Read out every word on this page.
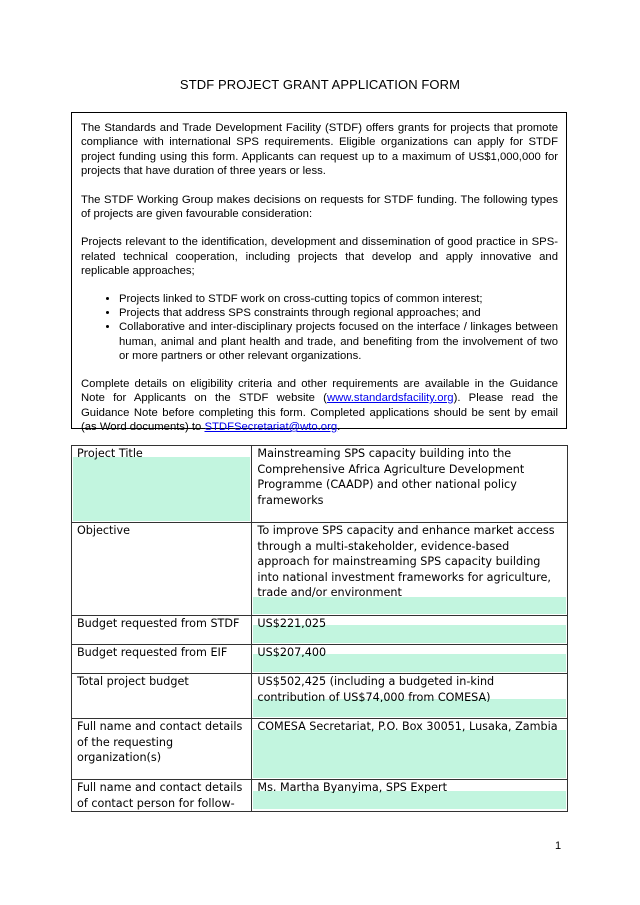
STDF PROJECT GRANT APPLICATION FORM

The Standards and Trade Development Facility (STDF) offers grants for projects that promote compliance with international SPS requirements. Eligible organizations can apply for STDF project funding using this form. Applicants can request up to a maximum of US$1,000,000 for projects that have duration of three years or less.

The STDF Working Group makes decisions on requests for STDF funding. The following types of projects are given favourable consideration:

Projects relevant to the identification, development and dissemination of good practice in SPS-related technical cooperation, including projects that develop and apply innovative and replicable approaches;

• Projects linked to STDF work on cross-cutting topics of common interest;
• Projects that address SPS constraints through regional approaches; and
• Collaborative and inter-disciplinary projects focused on the interface / linkages between human, animal and plant health and trade, and benefiting from the involvement of two or more partners or other relevant organizations.

Complete details on eligibility criteria and other requirements are available in the Guidance Note for Applicants on the STDF website (www.standardsfacility.org). Please read the Guidance Note before completing this form. Completed applications should be sent by email (as Word documents) to STDFSecretariat@wto.org.

Project Title	Mainstreaming SPS capacity building into the Comprehensive Africa Agriculture Development Programme (CAADP) and other national policy frameworks

Objective	To improve SPS capacity and enhance market access through a multi-stakeholder, evidence-based approach for mainstreaming SPS capacity building into national investment frameworks for agriculture, trade and/or environment

Budget requested from STDF	US$221,025

Budget requested from EIF	US$207,400

Total project budget	US$502,425 (including a budgeted in-kind contribution of US$74,000 from COMESA)

Full name and contact details of the requesting organization(s)	COMESA Secretariat, P.O. Box 30051, Lusaka, Zambia

Full name and contact details of contact person for follow-	Ms. Martha Byanyima, SPS Expert
1
